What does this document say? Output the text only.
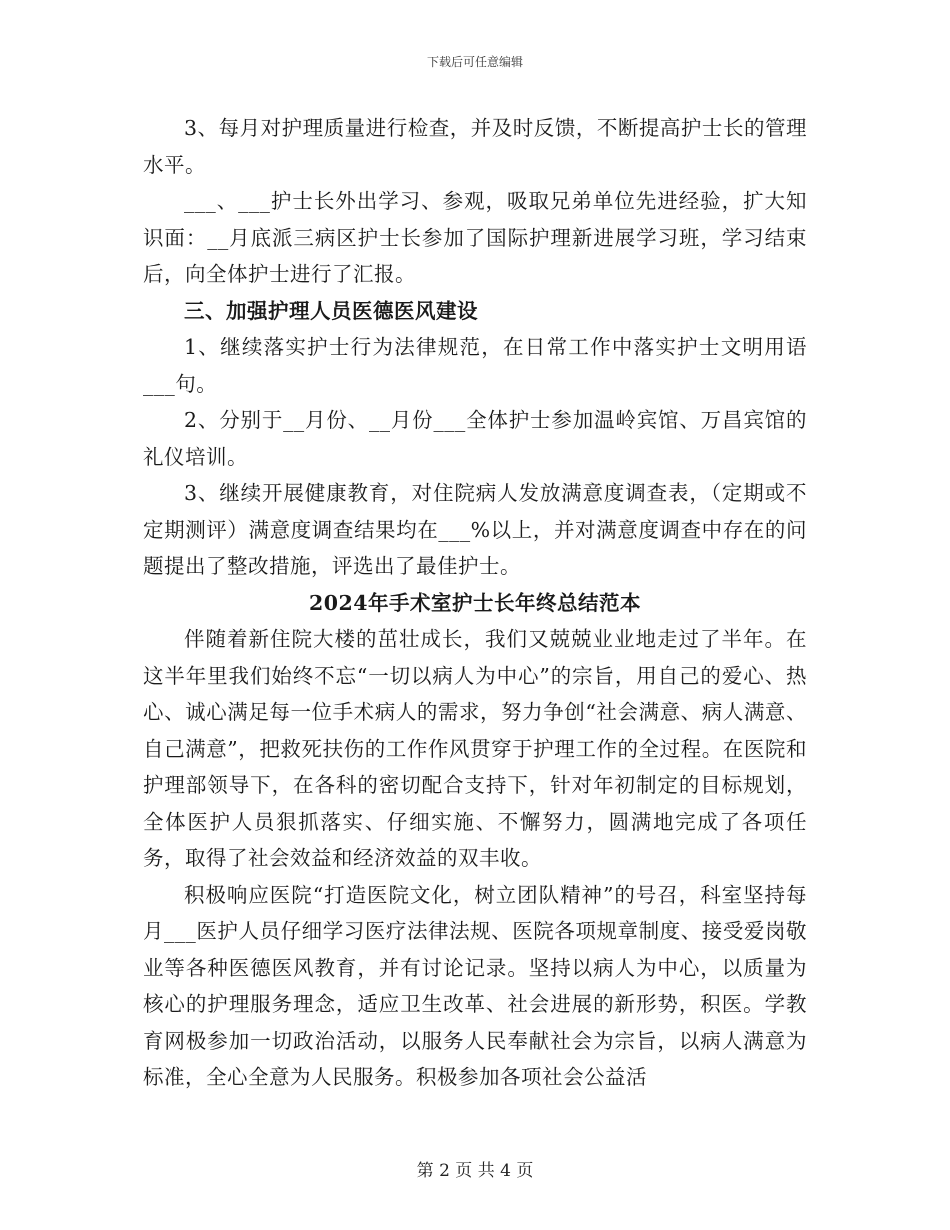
下载后可任意编辑

3、每月对护理质量进行检查，并及时反馈，不断提高护士长的管理水平。

___、___护士长外出学习、参观，吸取兄弟单位先进经验，扩大知识面：__月底派三病区护士长参加了国际护理新进展学习班，学习结束后，向全体护士进行了汇报。

三、加强护理人员医德医风建设

1、继续落实护士行为法律规范，在日常工作中落实护士文明用语___句。

2、分别于__月份、__月份___全体护士参加温岭宾馆、万昌宾馆的礼仪培训。

3、继续开展健康教育，对住院病人发放满意度调查表，（定期或不定期测评）满意度调查结果均在___%以上，并对满意度调查中存在的问题提出了整改措施，评选出了最佳护士。

2024年手术室护士长年终总结范本

伴随着新住院大楼的茁壮成长，我们又兢兢业业地走过了半年。在这半年里我们始终不忘“一切以病人为中心”的宗旨，用自己的爱心、热心、诚心满足每一位手术病人的需求，努力争创“社会满意、病人满意、自己满意”，把救死扶伤的工作作风贯穿于护理工作的全过程。在医院和护理部领导下，在各科的密切配合支持下，针对年初制定的目标规划，全体医护人员狠抓落实、仔细实施、不懈努力，圆满地完成了各项任务，取得了社会效益和经济效益的双丰收。

积极响应医院“打造医院文化，树立团队精神”的号召，科室坚持每月___医护人员仔细学习医疗法律法规、医院各项规章制度、接受爱岗敬业等各种医德医风教育，并有讨论记录。坚持以病人为中心，以质量为核心的护理服务理念，适应卫生改革、社会进展的新形势，积医。学教育网极参加一切政治活动，以服务人民奉献社会为宗旨，以病人满意为标准，全心全意为人民服务。积极参加各项社会公益活

第 2 页 共 4 页
